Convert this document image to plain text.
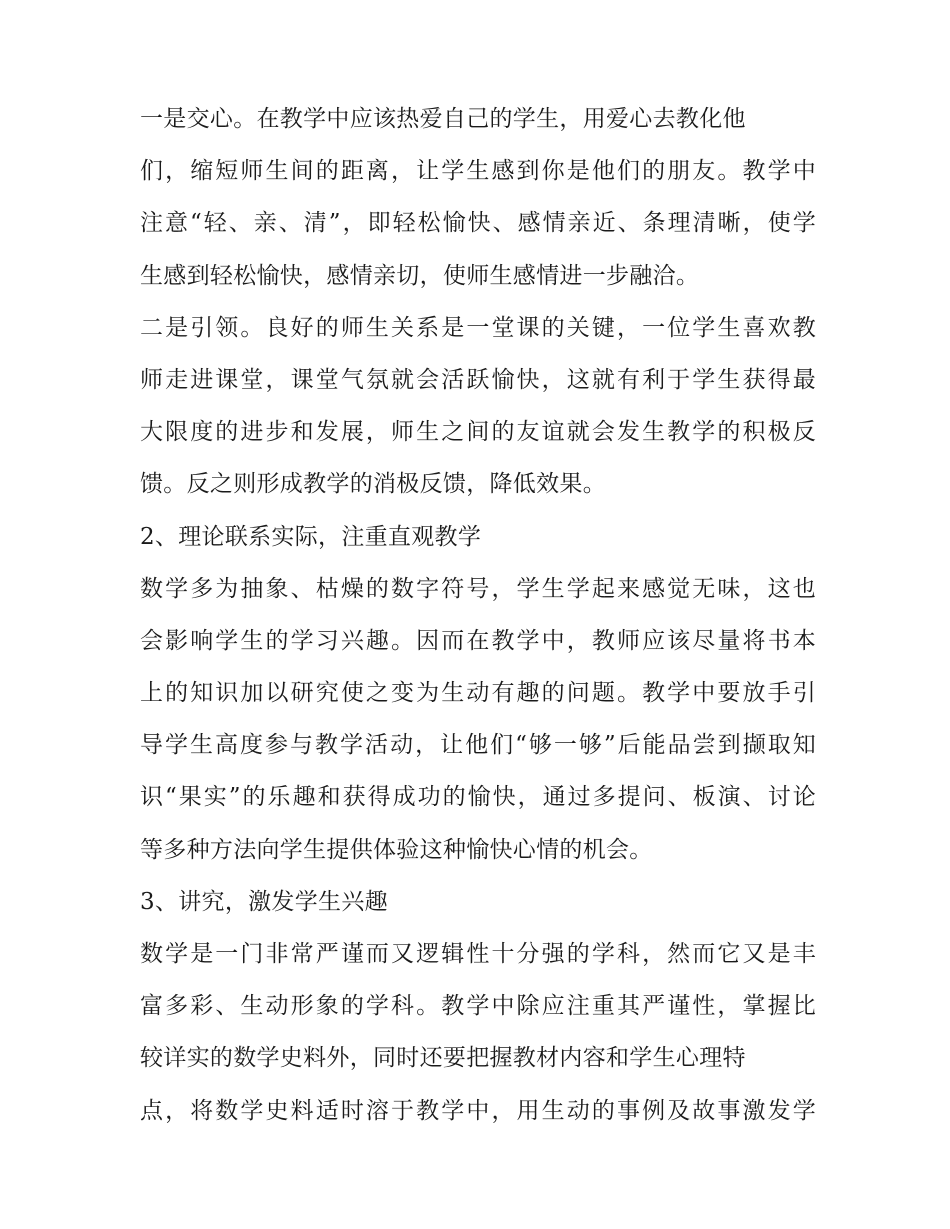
一是交心。在教学中应该热爱自己的学生，用爱心去教化他
们，缩短师生间的距离，让学生感到你是他们的朋友。教学中
注意“轻、亲、清”，即轻松愉快、感情亲近、条理清晰，使学
生感到轻松愉快，感情亲切，使师生感情进一步融洽。
二是引领。良好的师生关系是一堂课的关键，一位学生喜欢教
师走进课堂，课堂气氛就会活跃愉快，这就有利于学生获得最
大限度的进步和发展，师生之间的友谊就会发生教学的积极反
馈。反之则形成教学的消极反馈，降低效果。
2、理论联系实际，注重直观教学
数学多为抽象、枯燥的数字符号，学生学起来感觉无味，这也
会影响学生的学习兴趣。因而在教学中，教师应该尽量将书本
上的知识加以研究使之变为生动有趣的问题。教学中要放手引
导学生高度参与教学活动，让他们“够一够”后能品尝到撷取知
识“果实”的乐趣和获得成功的愉快，通过多提问、板演、讨论
等多种方法向学生提供体验这种愉快心情的机会。
3、讲究，激发学生兴趣
数学是一门非常严谨而又逻辑性十分强的学科，然而它又是丰
富多彩、生动形象的学科。教学中除应注重其严谨性，掌握比
较详实的数学史料外，同时还要把握教材内容和学生心理特
点，将数学史料适时溶于教学中，用生动的事例及故事激发学
